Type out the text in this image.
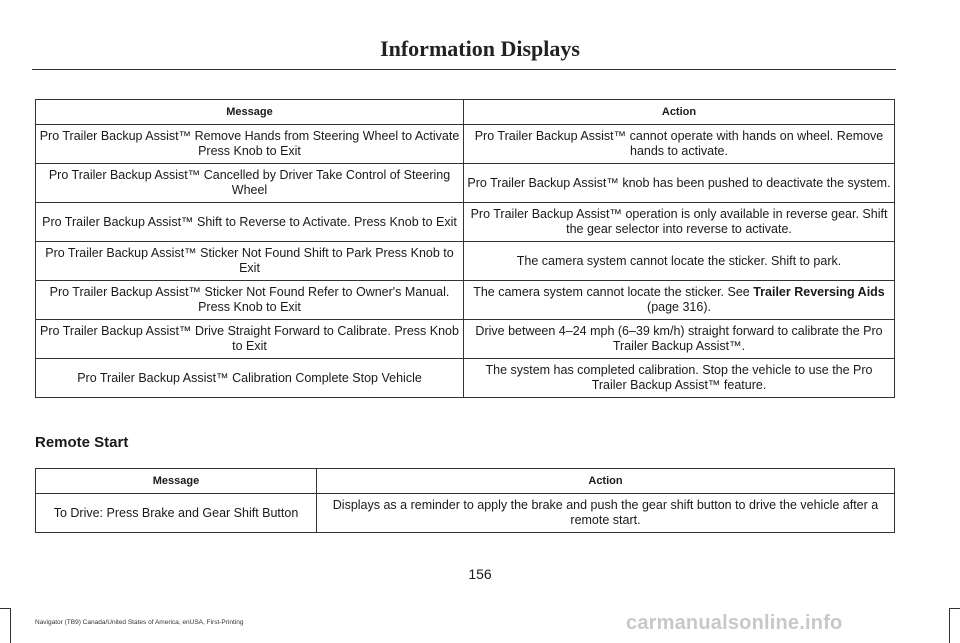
Information Displays
Message	Action
Pro Trailer Backup Assist™ Remove Hands from Steering Wheel to Activate Press Knob to Exit	Pro Trailer Backup Assist™ cannot operate with hands on wheel. Remove hands to activate.
Pro Trailer Backup Assist™ Cancelled by Driver Take Control of Steering Wheel	Pro Trailer Backup Assist™ knob has been pushed to deactivate the system.
Pro Trailer Backup Assist™ Shift to Reverse to Activate. Press Knob to Exit	Pro Trailer Backup Assist™ operation is only available in reverse gear. Shift the gear selector into reverse to activate.
Pro Trailer Backup Assist™ Sticker Not Found Shift to Park Press Knob to Exit	The camera system cannot locate the sticker. Shift to park.
Pro Trailer Backup Assist™ Sticker Not Found Refer to Owner's Manual. Press Knob to Exit	The camera system cannot locate the sticker. See Trailer Reversing Aids (page 316).
Pro Trailer Backup Assist™ Drive Straight Forward to Calibrate. Press Knob to Exit	Drive between 4–24 mph (6–39 km/h) straight forward to calibrate the Pro Trailer Backup Assist™.
Pro Trailer Backup Assist™ Calibration Complete Stop Vehicle	The system has completed calibration. Stop the vehicle to use the Pro Trailer Backup Assist™ feature.
Remote Start
Message	Action
To Drive: Press Brake and Gear Shift Button	Displays as a reminder to apply the brake and push the gear shift button to drive the vehicle after a remote start.
156
Navigator (TB9) Canada/United States of America, enUSA, First-Printing	carmanualsonline.info
